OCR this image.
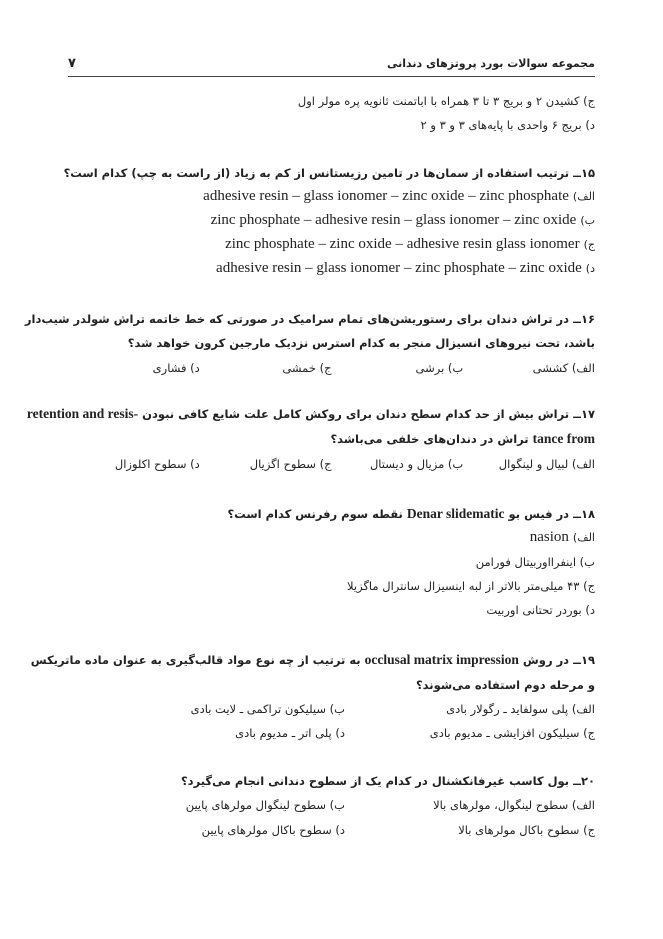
مجموعه سوالات بورد پروتزهای دندانی
۷
ج) کشیدن ۲ و بریج ۳ تا ۳ همراه با اباتمنت ثانویه پره مولر اول
د) بریج ۶ واحدی با پایه‌های ۳ و ۳ و ۲
۱۵ــ ترتیب استفاده از سمان‌ها در تامین رزیستانس از کم به زیاد (از راست به چپ) کدام است؟
الف)adhesive resin – glass ionomer – zinc oxide – zinc phosphate
ب)zinc phosphate – adhesive resin – glass ionomer – zinc oxide
ج)zinc phosphate – zinc oxide – adhesive resin glass ionomer
د)adhesive resin – glass ionomer – zinc phosphate – zinc oxide
۱۶ــ در تراش دندان برای رستوریشن‌های تمام سرامیک در صورتی که خط خاتمه تراش شولدر شیب‌دار
باشد، تحت نیروهای انسیزال منجر به کدام استرس نزدیک مارجین کرون خواهد شد؟
الف) کششی
ب) برشی
ج) خمشی
د) فشاری
۱۷ــ تراش بیش از حد کدام سطح دندان برای روکش کامل علت شایع کافی نبودن retention and resis-
tance from تراش در دندان‌های خلفی می‌باشد؟
الف) لبیال و لینگوال
ب) مزیال و دیستال
ج) سطوح اگزیال
د) سطوح اکلوزال
۱۸ــ در فیس بو Denar slidematic نقطه سوم رفرنس کدام است؟
الف)nasion
ب) اینفرااوربیتال فورامن
ج) ۴۳ میلی‌متر بالاتر از لبه اینسیزال سانترال ماگزیلا
د) بوردر تحتانی اوربیت
۱۹ــ در روش occlusal matrix impression به ترتیب از چه نوع مواد قالب‌گیری به عنوان ماده ماتریکس
و مرحله دوم استفاده می‌شوند؟
الف) پلی سولفاید ـ رگولار بادی
ب) سیلیکون تراکمی ـ لایت بادی
ج) سیلیکون افزایشی ـ مدیوم بادی
د) پلی اتر ـ مدیوم بادی
۲۰ــ بول کاسب غیرفانکشنال در کدام یک از سطوح دندانی انجام می‌گیرد؟
الف) سطوح لینگوال، مولرهای بالا
ب) سطوح لینگوال مولرهای پایین
ج) سطوح باکال مولرهای بالا
د) سطوح باکال مولرهای پایین
